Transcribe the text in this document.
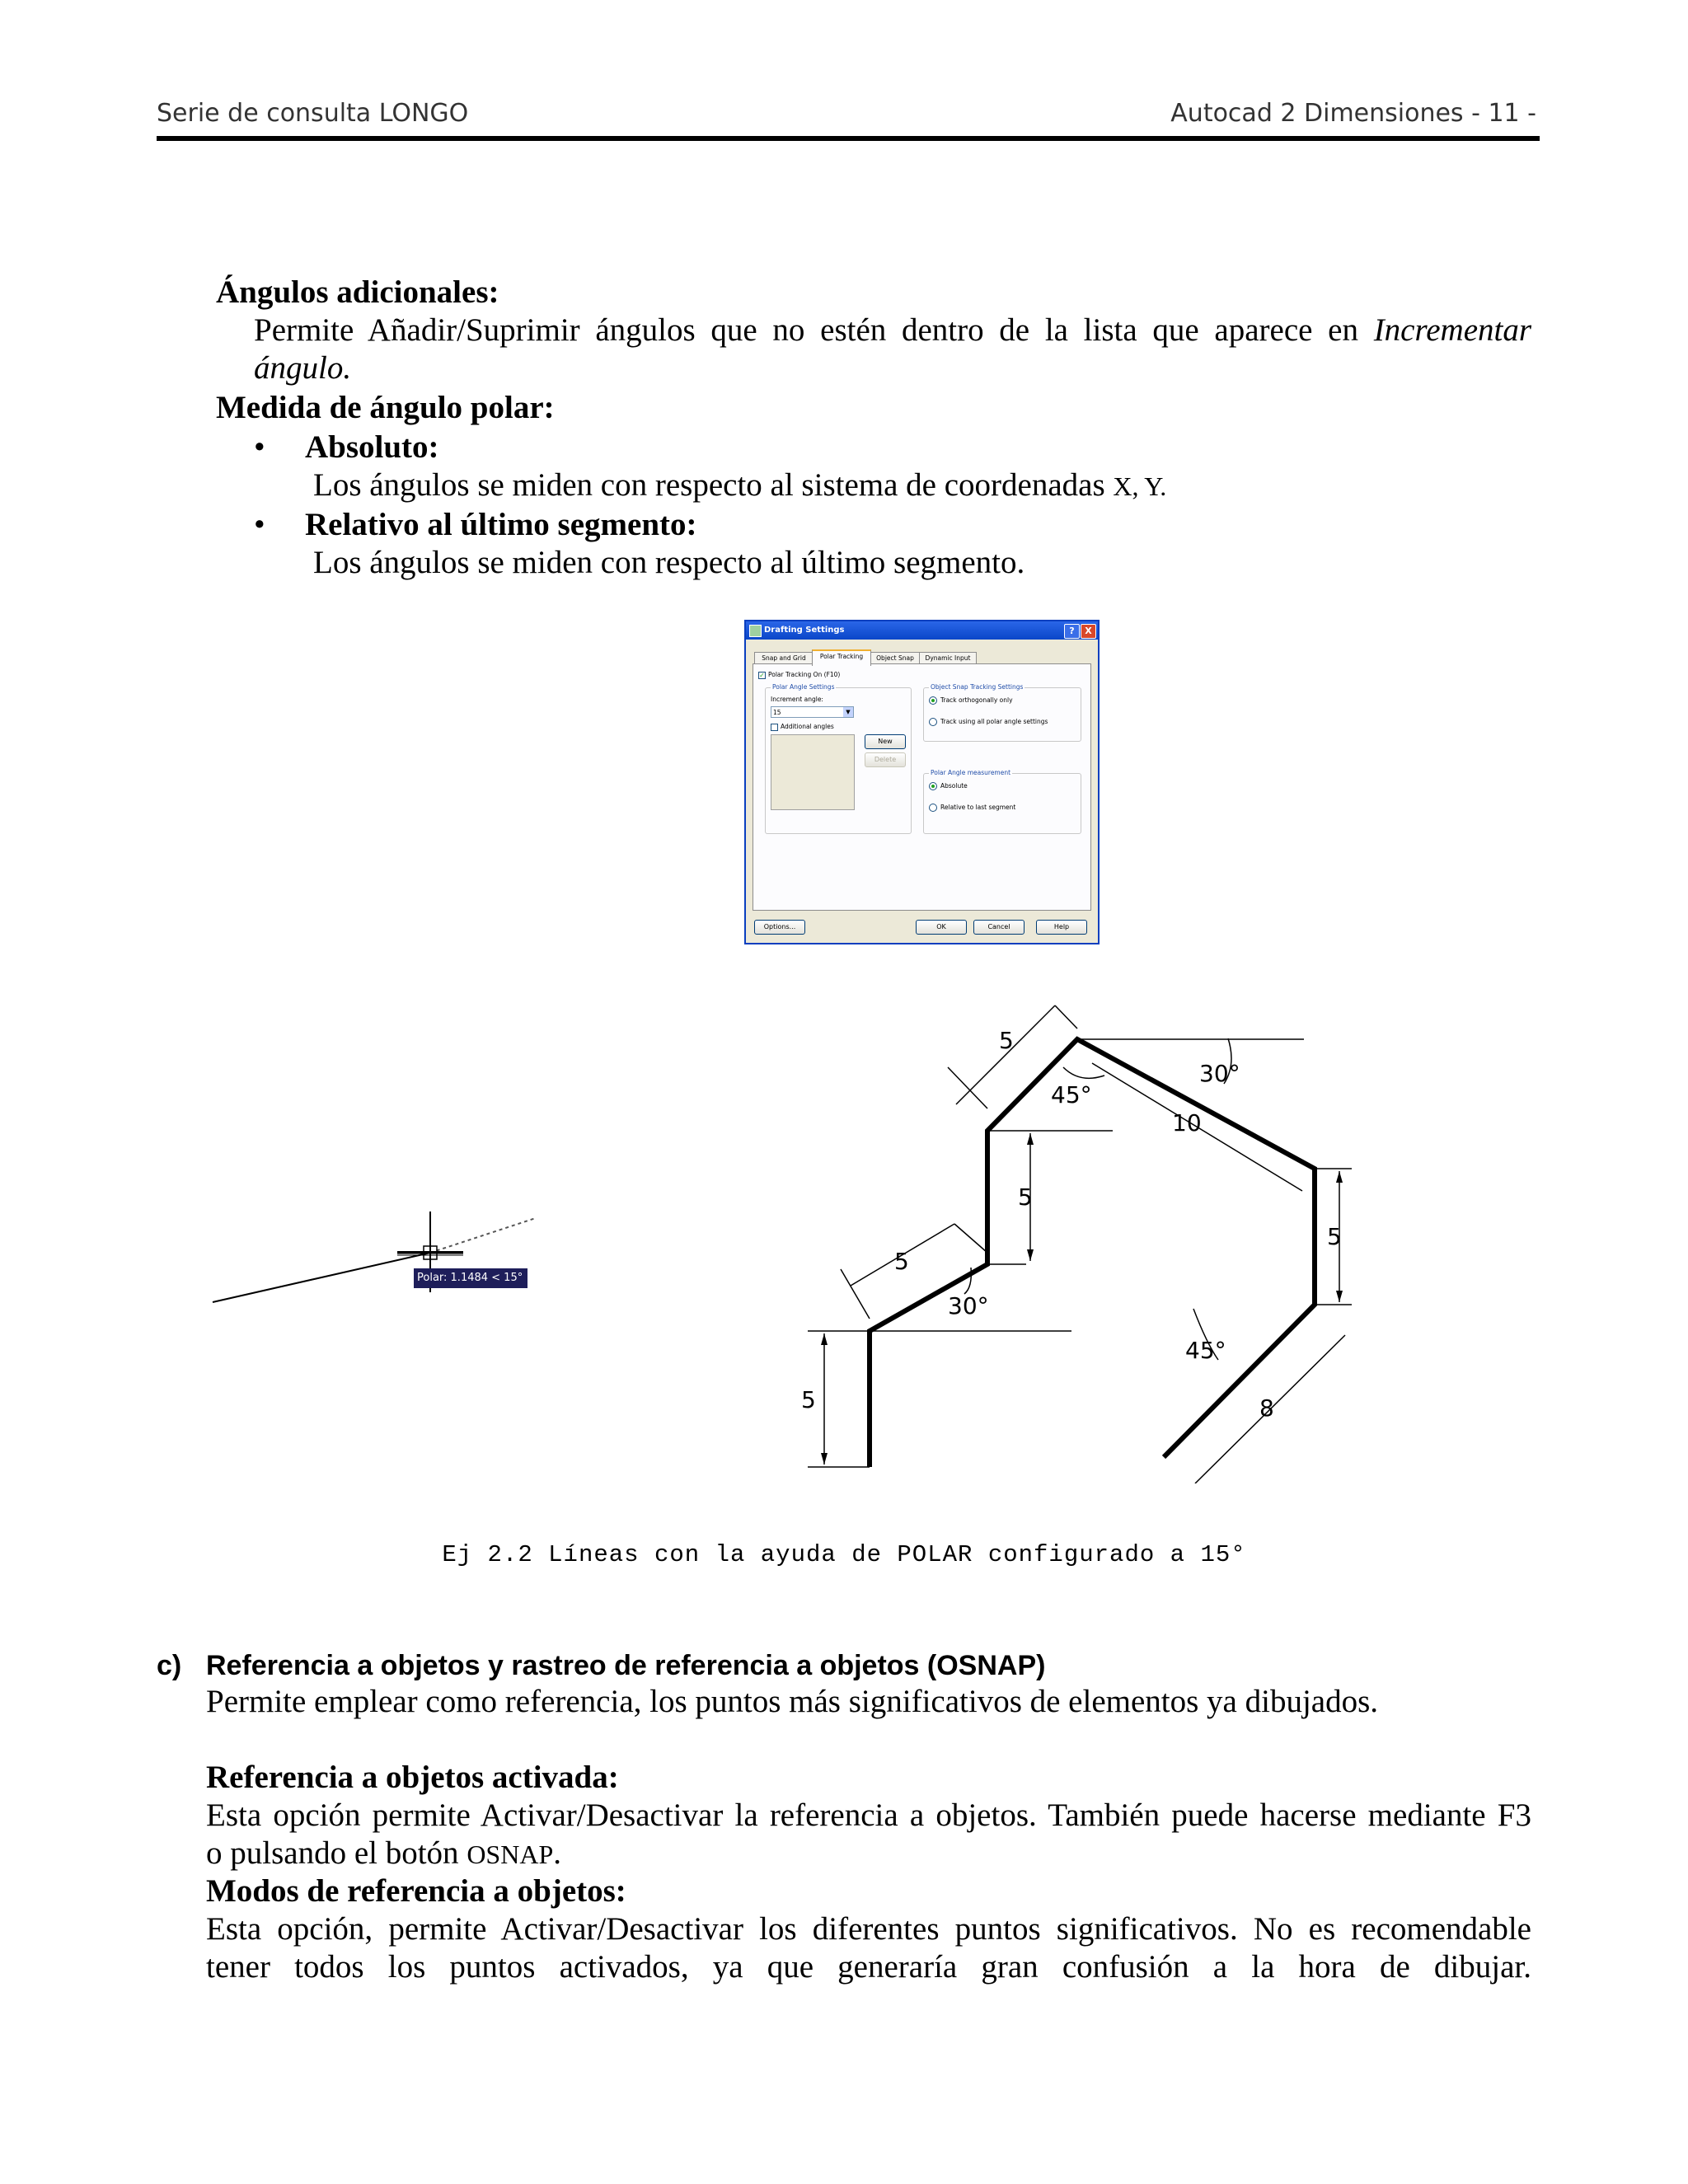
Serie de consulta LONGO	Autocad 2 Dimensiones - 11 -
Ángulos adicionales:
Permite Añadir/Suprimir ángulos que no estén dentro de la lista que aparece en Incrementar
ángulo.
Medida de ángulo polar:
• Absoluto:
Los ángulos se miden con respecto al sistema de coordenadas X, Y.
• Relativo al último segmento:
Los ángulos se miden con respecto al último segmento.
Drafting Settings	?	X
Snap and Grid	Polar Tracking	Object Snap	Dynamic Input
✓ Polar Tracking On (F10)
Polar Angle Settings
Increment angle:
15	▼
Additional angles
New
Delete
Object Snap Tracking Settings
Track orthogonally only
Track using all polar angle settings
Polar Angle measurement
Absolute
Relative to last segment
Options...	OK	Cancel	Help
Polar: 1.1484 < 15°
5
45°
30°
10
5
5
5
30°
45°
8
5
Ej 2.2 Líneas con la ayuda de POLAR configurado a 15°
c) Referencia a objetos y rastreo de referencia a objetos (OSNAP)
Permite emplear como referencia, los puntos más significativos de elementos ya dibujados.
Referencia a objetos activada:
Esta opción permite Activar/Desactivar la referencia a objetos. También puede hacerse mediante F3
o pulsando el botón OSNAP.
Modos de referencia a objetos:
Esta opción, permite Activar/Desactivar los diferentes puntos significativos. No es recomendable
tener todos los puntos activados, ya que generaría gran confusión a la hora de dibujar.
